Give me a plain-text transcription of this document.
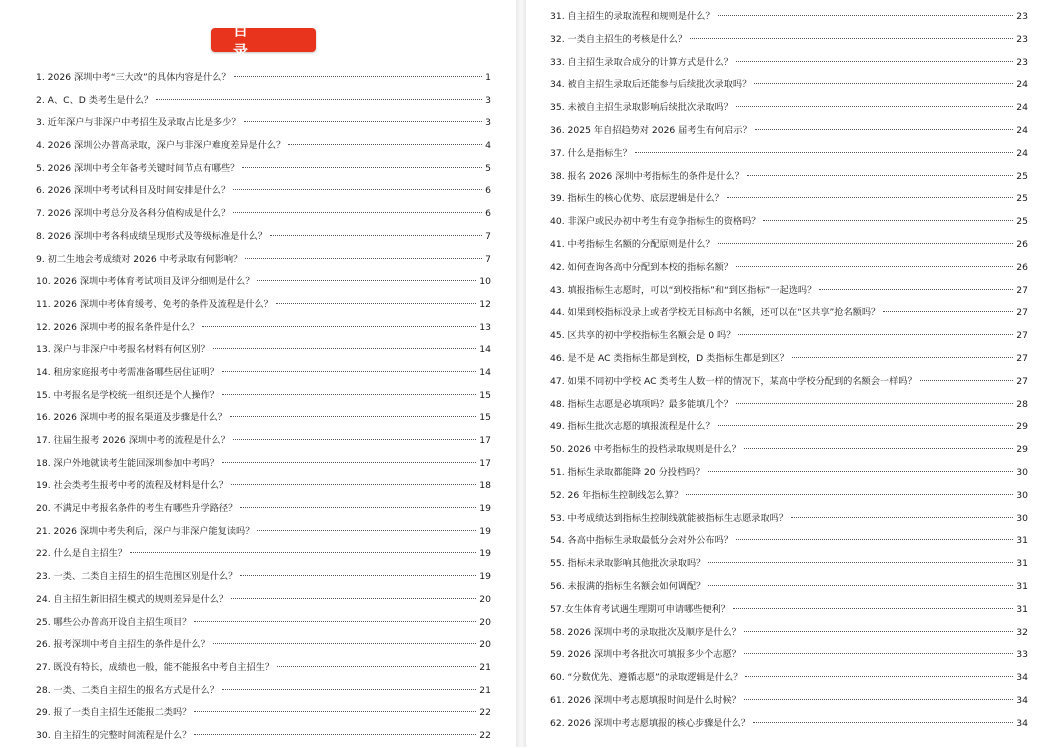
目 录
1. 2026 深圳中考“三大改”的具体内容是什么？	1
2. A、C、D 类考生是什么？	3
3. 近年深户与非深户中考招生及录取占比是多少？	3
4. 2026 深圳公办普高录取，深户与非深户难度差异是什么？	4
5. 2026 深圳中考全年备考关键时间节点有哪些？	5
6. 2026 深圳中考考试科目及时间安排是什么？	6
7. 2026 深圳中考总分及各科分值构成是什么？	6
8. 2026 深圳中考各科成绩呈现形式及等级标准是什么？	7
9. 初二生地会考成绩对 2026 中考录取有何影响？	7
10. 2026 深圳中考体育考试项目及评分细则是什么？	10
11. 2026 深圳中考体育缓考、免考的条件及流程是什么？	12
12. 2026 深圳中考的报名条件是什么？	13
13. 深户与非深户中考报名材料有何区别？	14
14. 租房家庭报考中考需准备哪些居住证明？	14
15. 中考报名是学校统一组织还是个人操作？	15
16. 2026 深圳中考的报名渠道及步骤是什么？	15
17. 往届生报考 2026 深圳中考的流程是什么？	17
18. 深户外地就读考生能回深圳参加中考吗？	17
19. 社会类考生报考中考的流程及材料是什么？	18
20. 不满足中考报名条件的考生有哪些升学路径？	19
21. 2026 深圳中考失利后，深户与非深户能复读吗？	19
22. 什么是自主招生？	19
23. 一类、二类自主招生的招生范围区别是什么？	19
24. 自主招生新旧招生模式的规则差异是什么？	20
25. 哪些公办普高开设自主招生项目？	20
26. 报考深圳中考自主招生的条件是什么？	20
27. 既没有特长，成绩也一般，能不能报名中考自主招生？	21
28. 一类、二类自主招生的报名方式是什么？	21
29. 报了一类自主招生还能报二类吗？	22
30. 自主招生的完整时间流程是什么？	22
31. 自主招生的录取流程和规则是什么？	23
32. 一类自主招生的考核是什么？	23
33. 自主招生录取合成分的计算方式是什么？	23
34. 被自主招生录取后还能参与后续批次录取吗？	24
35. 未被自主招生录取影响后续批次录取吗？	24
36. 2025 年自招趋势对 2026 届考生有何启示？	24
37. 什么是指标生？	24
38. 报名 2026 深圳中考指标生的条件是什么？	25
39. 指标生的核心优势、底层逻辑是什么？	25
40. 非深户或民办初中考生有竞争指标生的资格吗？	25
41. 中考指标生名额的分配原则是什么？	26
42. 如何查询各高中分配到本校的指标名额？	26
43. 填报指标生志愿时，可以“到校指标”和“到区指标”一起选吗？	27
44. 如果到校指标没录上或者学校无目标高中名额，还可以在“区共享”抢名额吗？	27
45. 区共享的初中学校指标生名额会是 0 吗？	27
46. 是不是 AC 类指标生都是到校，D 类指标生都是到区？	27
47. 如果不同初中学校 AC 类考生人数一样的情况下，某高中学校分配到的名额会一样吗？	27
48. 指标生志愿是必填项吗？最多能填几个？	28
49. 指标生批次志愿的填报流程是什么？	29
50. 2026 中考指标生的投档录取规则是什么？	29
51. 指标生录取都能降 20 分投档吗？	30
52. 26 年指标生控制线怎么算？	30
53. 中考成绩达到指标生控制线就能被指标生志愿录取吗？	30
54. 各高中指标生录取最低分会对外公布吗？	31
55. 指标未录取影响其他批次录取吗？	31
56. 未报满的指标生名额会如何调配？	31
57.女生体育考试遇生理期可申请哪些便利？	31
58. 2026 深圳中考的录取批次及顺序是什么？	32
59. 2026 深圳中考各批次可填报多少个志愿？	33
60. “分数优先、遵循志愿”的录取逻辑是什么？	34
61. 2026 深圳中考志愿填报时间是什么时候？	34
62. 2026 深圳中考志愿填报的核心步骤是什么？	34
